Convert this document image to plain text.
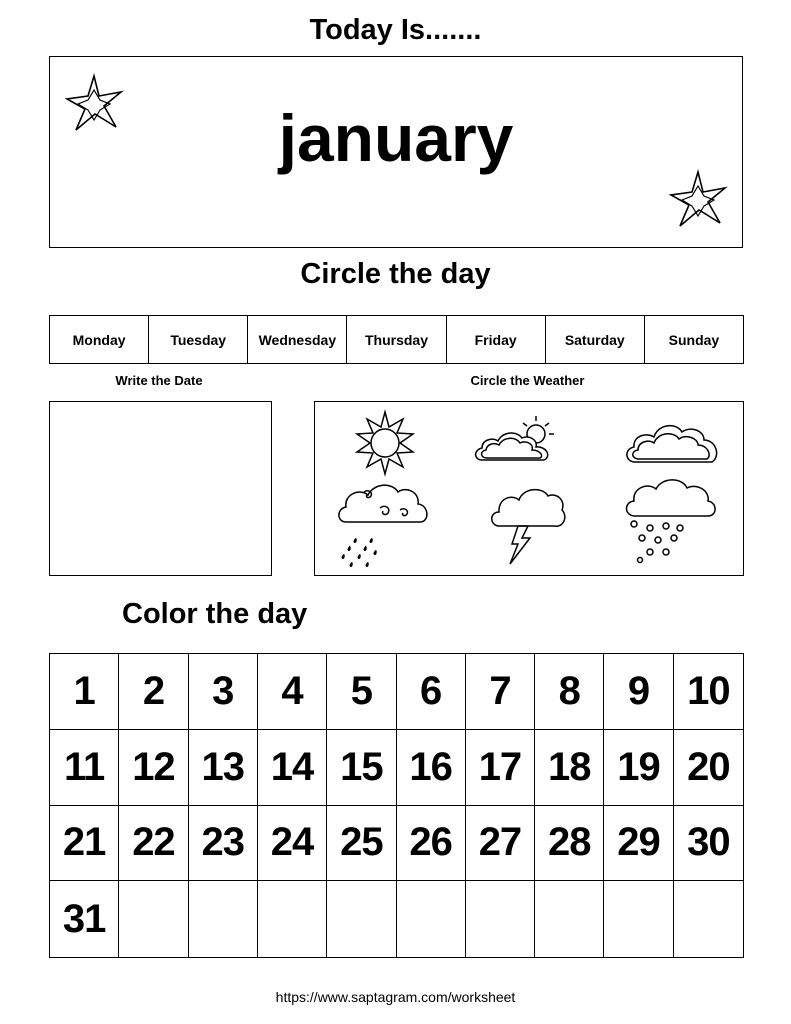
Today Is.......
january
Circle the day
Monday	Tuesday	Wednesday	Thursday	Friday	Saturday	Sunday
Write the Date	Circle the Weather
Color the day
1	2	3	4	5	6	7	8	9 10
11 12 13 14 15 16 17 18 19 20
21 22 23 24 25 26 27 28 29 30
31
https://www.saptagram.com/worksheet
